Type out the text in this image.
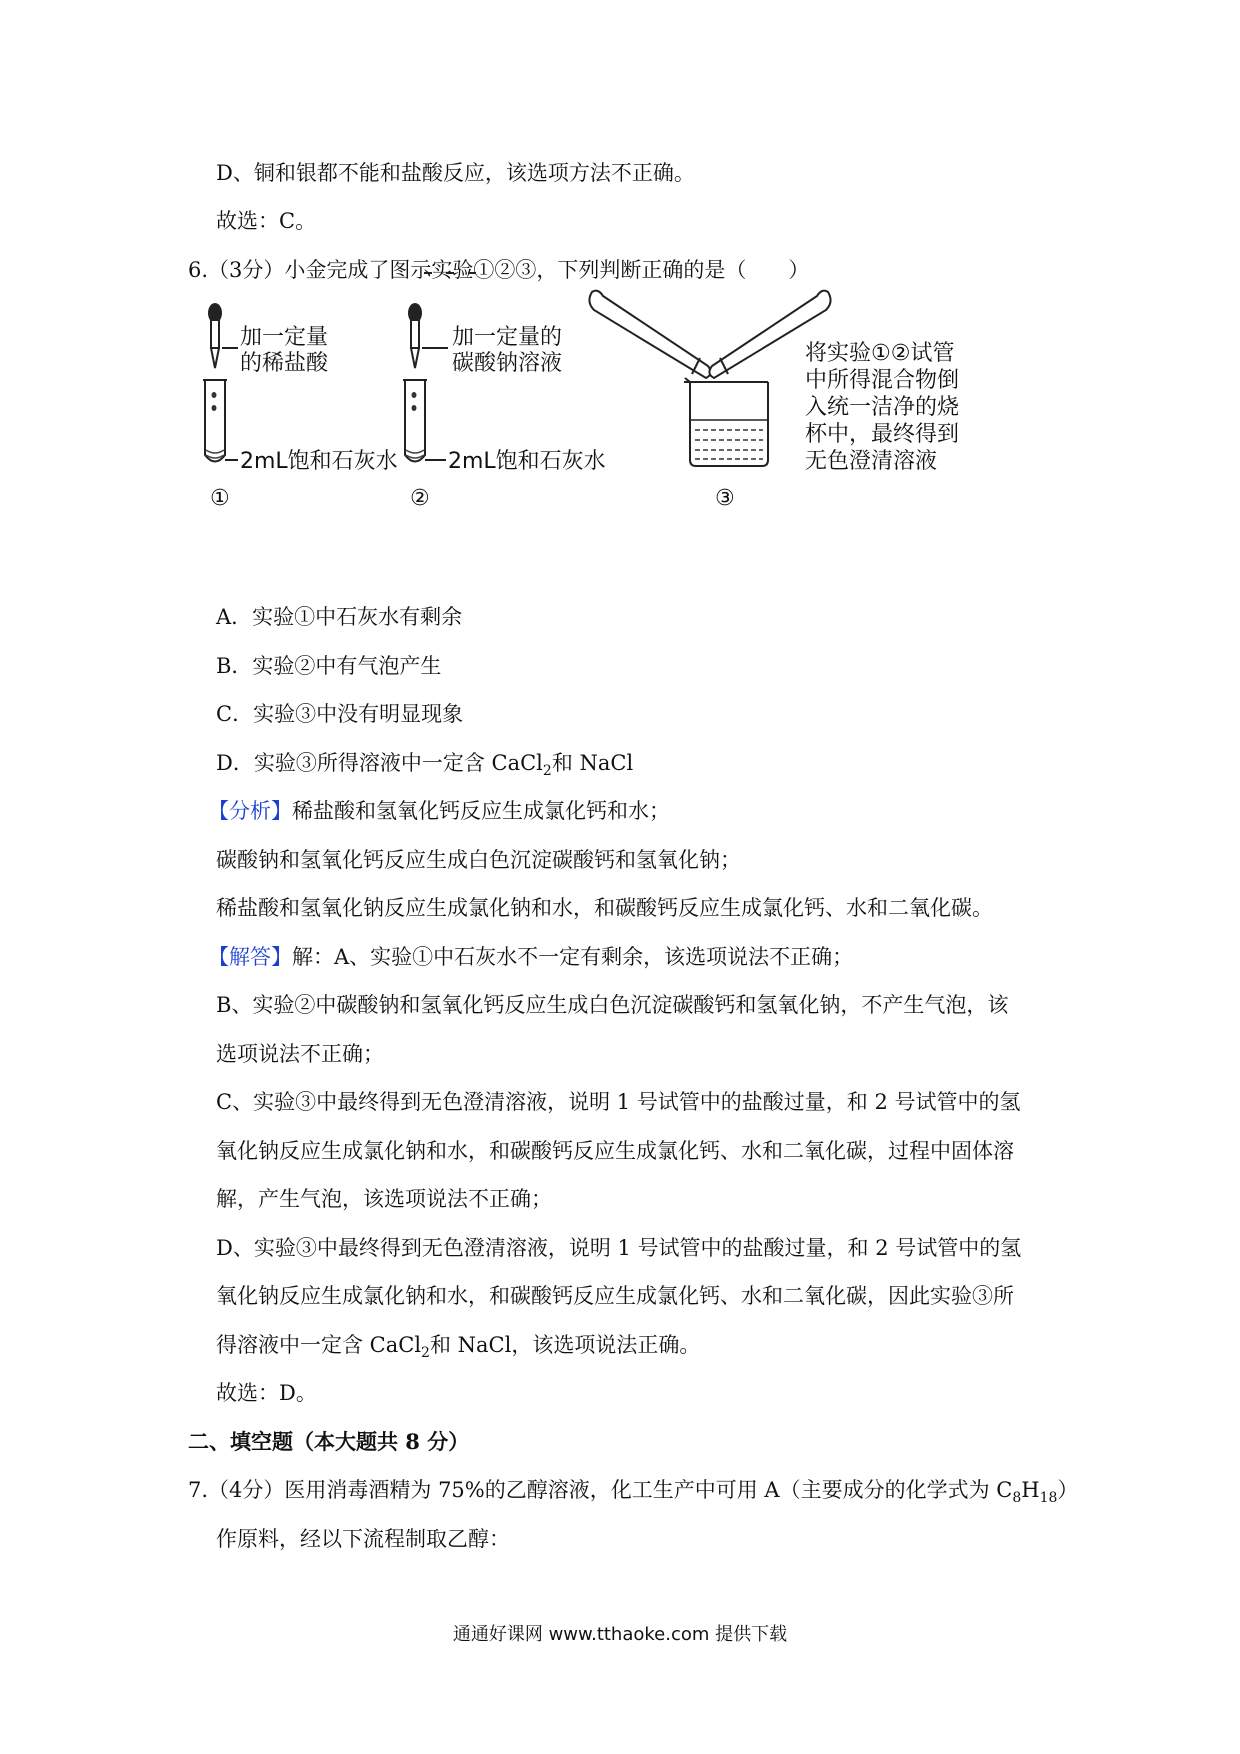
D、铜和银都不能和盐酸反应，该选项方法不正确。
故选：C。
6.（3分）小金完成了图示实验①②③，下列判断正确的是（　　）
加一定量
的稀盐酸
2mL饱和石灰水
①
加一定量的
碳酸钠溶液
2mL饱和石灰水
②	③
将实验①②试管
中所得混合物倒
入统一洁净的烧
杯中，最终得到
无色澄清溶液
A．实验①中石灰水有剩余
B．实验②中有气泡产生
C．实验③中没有明显现象
D．实验③所得溶液中一定含 CaCl$_2$和 NaCl
【分析】稀盐酸和氢氧化钙反应生成氯化钙和水；
碳酸钠和氢氧化钙反应生成白色沉淀碳酸钙和氢氧化钠；
稀盐酸和氢氧化钠反应生成氯化钠和水，和碳酸钙反应生成氯化钙、水和二氧化碳。
【解答】解：A、实验①中石灰水不一定有剩余，该选项说法不正确；
B、实验②中碳酸钠和氢氧化钙反应生成白色沉淀碳酸钙和氢氧化钠，不产生气泡，该
选项说法不正确；
C、实验③中最终得到无色澄清溶液，说明 1 号试管中的盐酸过量，和 2 号试管中的氢
氧化钠反应生成氯化钠和水，和碳酸钙反应生成氯化钙、水和二氧化碳，过程中固体溶
解，产生气泡，该选项说法不正确；
D、实验③中最终得到无色澄清溶液，说明 1 号试管中的盐酸过量，和 2 号试管中的氢
氧化钠反应生成氯化钠和水，和碳酸钙反应生成氯化钙、水和二氧化碳，因此实验③所
得溶液中一定含 CaCl$_2$和 NaCl，该选项说法正确。
故选：D。
二、填空题（本大题共 8 分）
7.（4分）医用消毒酒精为 75%的乙醇溶液，化工生产中可用 A（主要成分的化学式为 $C_8H_{18}$）
作原料，经以下流程制取乙醇：
通通好课网 www.tthaoke.com 提供下载
